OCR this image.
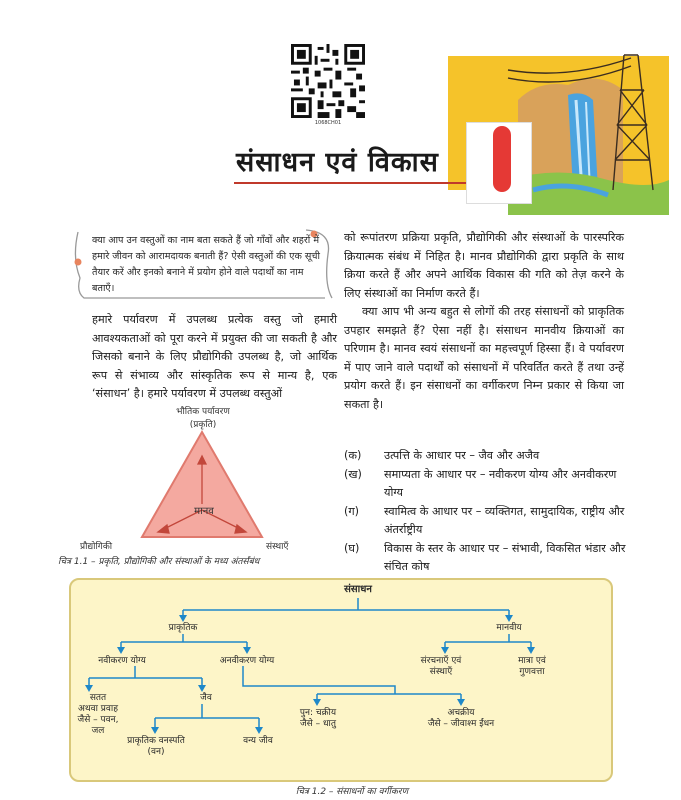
1068CH01
संसाधन एवं विकास
क्या आप उन वस्तुओं का नाम बता सकते हैं जो गाँवों और शहरों में हमारे जीवन को आरामदायक बनाती हैं? ऐसी वस्तुओं की एक सूची तैयार करें और इनको बनाने में प्रयोग होने वाले पदार्थों का नाम बताएँ।
हमारे पर्यावरण में उपलब्ध प्रत्येक वस्तु जो हमारी आवश्यकताओं को पूरा करने में प्रयुक्त की जा सकती है और जिसको बनाने के लिए प्रौद्योगिकी उपलब्ध है, जो आर्थिक रूप से संभाव्य और सांस्कृतिक रूप से मान्य है, एक ‘संसाधन’ है। हमारे पर्यावरण में उपलब्ध वस्तुओं

को रूपांतरण प्रक्रिया प्रकृति, प्रौद्योगिकी और संस्थाओं के पारस्परिक क्रियात्मक संबंध में निहित है। मानव प्रौद्योगिकी द्वारा प्रकृति के साथ क्रिया करते हैं और अपने आर्थिक विकास की गति को तेज़ करने के लिए संस्थाओं का निर्माण करते हैं।

क्या आप भी अन्य बहुत से लोगों की तरह संसाधनों को प्राकृतिक उपहार समझते हैं? ऐसा नहीं है। संसाधन मानवीय क्रियाओं का परिणाम है। मानव स्वयं संसाधनों का महत्त्वपूर्ण हिस्सा हैं। वे पर्यावरण में पाए जाने वाले पदार्थों को संसाधनों में परिवर्तित करते हैं तथा उन्हें प्रयोग करते हैं। इन संसाधनों का वर्गीकरण निम्न प्रकार से किया जा सकता है।

(क)	उत्पत्ति के आधार पर – जैव और अजैव
(ख)	समाप्यता के आधार पर – नवीकरण योग्य और अनवीकरण योग्य
(ग)	स्वामित्व के आधार पर – व्यक्तिगत, सामुदायिक, राष्ट्रीय और अंतर्राष्ट्रीय
(घ)	विकास के स्तर के आधार पर – संभावी, विकसित भंडार और संचित कोष
भौतिक पर्यावरण
(प्रकृति)
मानव
प्रौद्योगिकी	संस्थाएँ
चित्र 1.1 – प्रकृति, प्रौद्योगिकी और संस्थाओं के मध्य अंतर्संबंध
संसाधन
प्राकृतिक	मानवीय
नवीकरण योग्य	अनवीकरण योग्य
सतत
अथवा प्रवाह
जैसे – पवन,
जल
जैव
प्राकृतिक वनस्पति
(वन)
वन्य जीव
पुन: चक्रीय
जैसे – धातु
अचक्रीय
जैसे – जीवाश्म ईंधन
संरचनाएँ एवं
संस्थाएँ
मात्रा एवं
गुणवत्ता
चित्र 1.2 – संसाधनों का वर्गीकरण
